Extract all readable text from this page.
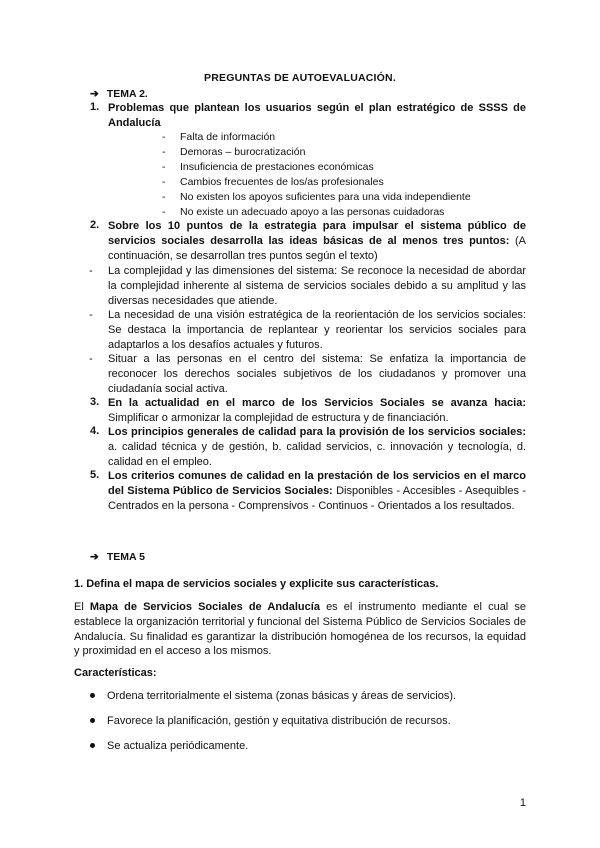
PREGUNTAS DE AUTOEVALUACIÓN.
➔ TEMA 2.
1. Problemas que plantean los usuarios según el plan estratégico de SSSS de Andalucía
- Falta de información
- Demoras – burocratización
- Insuficiencia de prestaciones económicas
- Cambios frecuentes de los/as profesionales
- No existen los apoyos suficientes para una vida independiente
- No existe un adecuado apoyo a las personas cuidadoras
2. Sobre los 10 puntos de la estrategia para impulsar el sistema público de servicios sociales desarrolla las ideas básicas de al menos tres puntos: (A continuación, se desarrollan tres puntos según el texto)
-	La complejidad y las dimensiones del sistema: Se reconoce la necesidad de abordar la complejidad inherente al sistema de servicios sociales debido a su amplitud y las diversas necesidades que atiende.
-	La necesidad de una visión estratégica de la reorientación de los servicios sociales: Se destaca la importancia de replantear y reorientar los servicios sociales para adaptarlos a los desafíos actuales y futuros.
-	Situar a las personas en el centro del sistema: Se enfatiza la importancia de reconocer los derechos sociales subjetivos de los ciudadanos y promover una ciudadanía social activa.
3. En la actualidad en el marco de los Servicios Sociales se avanza hacia: Simplificar o armonizar la complejidad de estructura y de financiación.
4. Los principios generales de calidad para la provisión de los servicios sociales: a. calidad técnica y de gestión, b. calidad servicios, c. innovación y tecnología, d. calidad en el empleo.
5. Los criterios comunes de calidad en la prestación de los servicios en el marco del Sistema Público de Servicios Sociales: Disponibles - Accesibles - Asequibles - Centrados en la persona - Comprensivos - Continuos - Orientados a los resultados.
➔ TEMA 5
1. Defina el mapa de servicios sociales y explicite sus características.
El Mapa de Servicios Sociales de Andalucía es el instrumento mediante el cual se establece la organización territorial y funcional del Sistema Público de Servicios Sociales de Andalucía. Su finalidad es garantizar la distribución homogénea de los recursos, la equidad y proximidad en el acceso a los mismos.
Características:
Ordena territorialmente el sistema (zonas básicas y áreas de servicios).
Favorece la planificación, gestión y equitativa distribución de recursos.
Se actualiza periódicamente.
1
